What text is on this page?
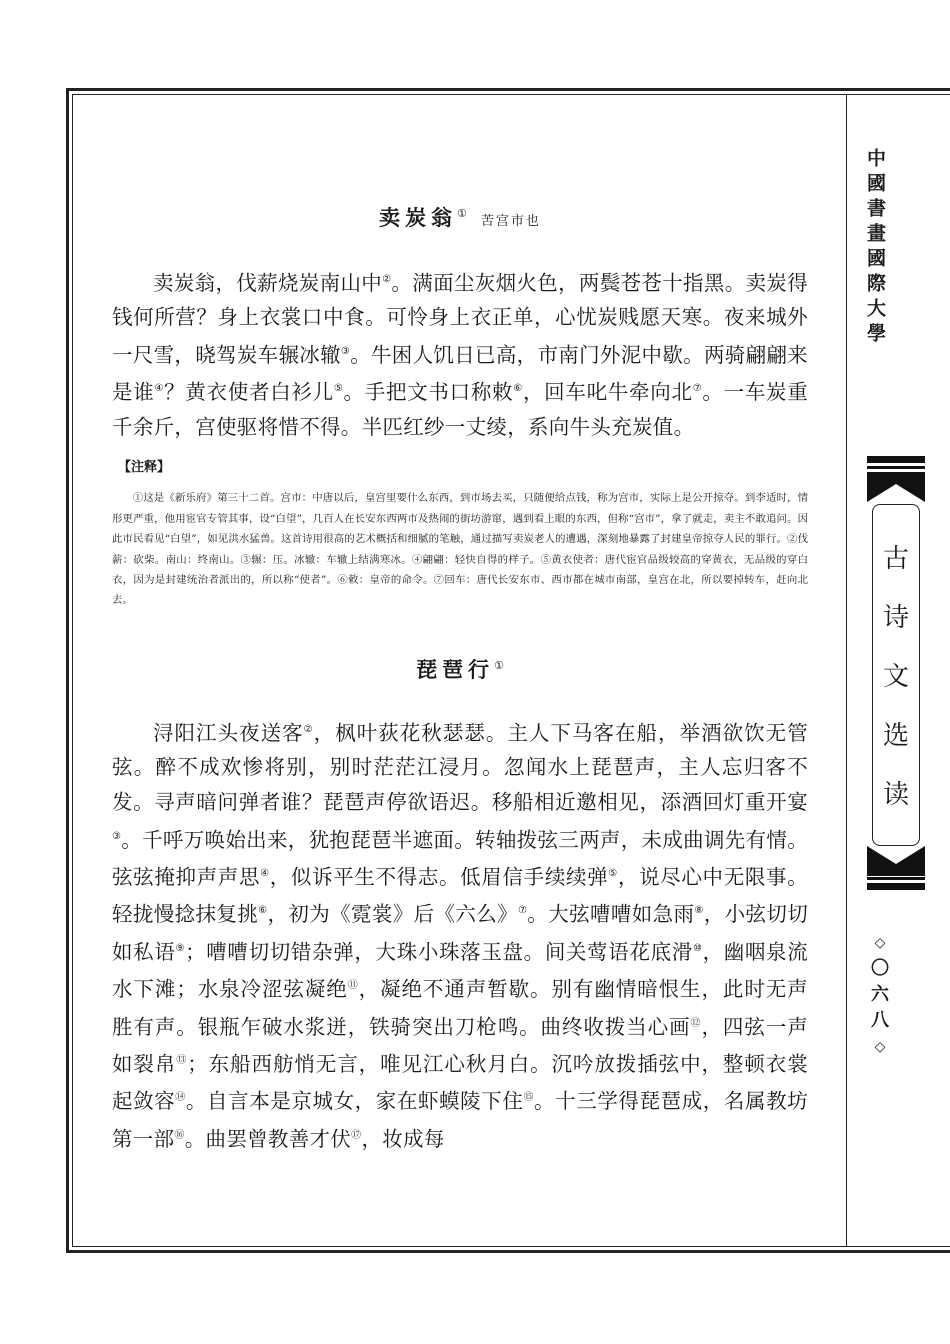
卖炭翁①苦宫市也

卖炭翁，伐薪烧炭南山中②。满面尘灰烟火色，两鬓苍苍十指黑。卖炭得钱何所营？身上衣裳口中食。可怜身上衣正单，心忧炭贱愿天寒。夜来城外一尺雪，晓驾炭车辗冰辙③。牛困人饥日已高，市南门外泥中歇。两骑翩翩来是谁④？黄衣使者白衫儿⑤。手把文书口称敕⑥，回车叱牛牵向北⑦。一车炭重千余斤，宫使驱将惜不得。半匹红纱一丈绫，系向牛头充炭值。

【注释】

①这是《新乐府》第三十二首。宫市：中唐以后，皇宫里要什么东西，到市场去买，只随便给点钱，称为宫市，实际上是公开掠夺。到李适时，情形更严重，他用宦官专管其事，设“白望”，几百人在长安东西两市及热闹的街坊游窜，遇到看上眼的东西，但称“宫市”，拿了就走，卖主不敢追问。因此市民看见“白望”，如见洪水猛兽。这首诗用很高的艺术概括和细腻的笔触，通过描写卖炭老人的遭遇，深刻地暴露了封建皇帝掠夺人民的罪行。②伐薪：砍柴。南山：终南山。③辗：压。冰辙：车辙上结满寒冰。④翩翩：轻快自得的样子。⑤黄衣使者：唐代宦官品级较高的穿黄衣，无品级的穿白衣，因为是封建统治者派出的，所以称“使者”。⑥敕：皇帝的命令。⑦回车：唐代长安东市、西市都在城市南部，皇宫在北，所以要掉转车，赶向北去。

琵琶行①

浔阳江头夜送客②，枫叶荻花秋瑟瑟。主人下马客在船，举酒欲饮无管弦。醉不成欢惨将别，别时茫茫江浸月。忽闻水上琵琶声，主人忘归客不发。寻声暗问弹者谁？琵琶声停欲语迟。移船相近邀相见，添酒回灯重开宴③。千呼万唤始出来，犹抱琵琶半遮面。转轴拨弦三两声，未成曲调先有情。弦弦掩抑声声思④，似诉平生不得志。低眉信手续续弹⑤，说尽心中无限事。轻拢慢捻抹复挑⑥，初为《霓裳》后《六么》⑦。大弦嘈嘈如急雨⑧，小弦切切如私语⑨；嘈嘈切切错杂弹，大珠小珠落玉盘。间关莺语花底滑⑩，幽咽泉流水下滩；水泉冷涩弦凝绝⑪，凝绝不通声暂歇。别有幽情暗恨生，此时无声胜有声。银瓶乍破水浆迸，铁骑突出刀枪鸣。曲终收拨当心画⑫，四弦一声如裂帛⑬；东船西舫悄无言，唯见江心秋月白。沉吟放拨插弦中，整顿衣裳起敛容⑭。自言本是京城女，家在虾蟆陵下住⑮。十三学得琵琶成，名属教坊第一部⑯。曲罢曾教善才伏⑰，妆成每

中國書畫國際大學
古
诗
文
选
读
◇
〇
六
八
◇
